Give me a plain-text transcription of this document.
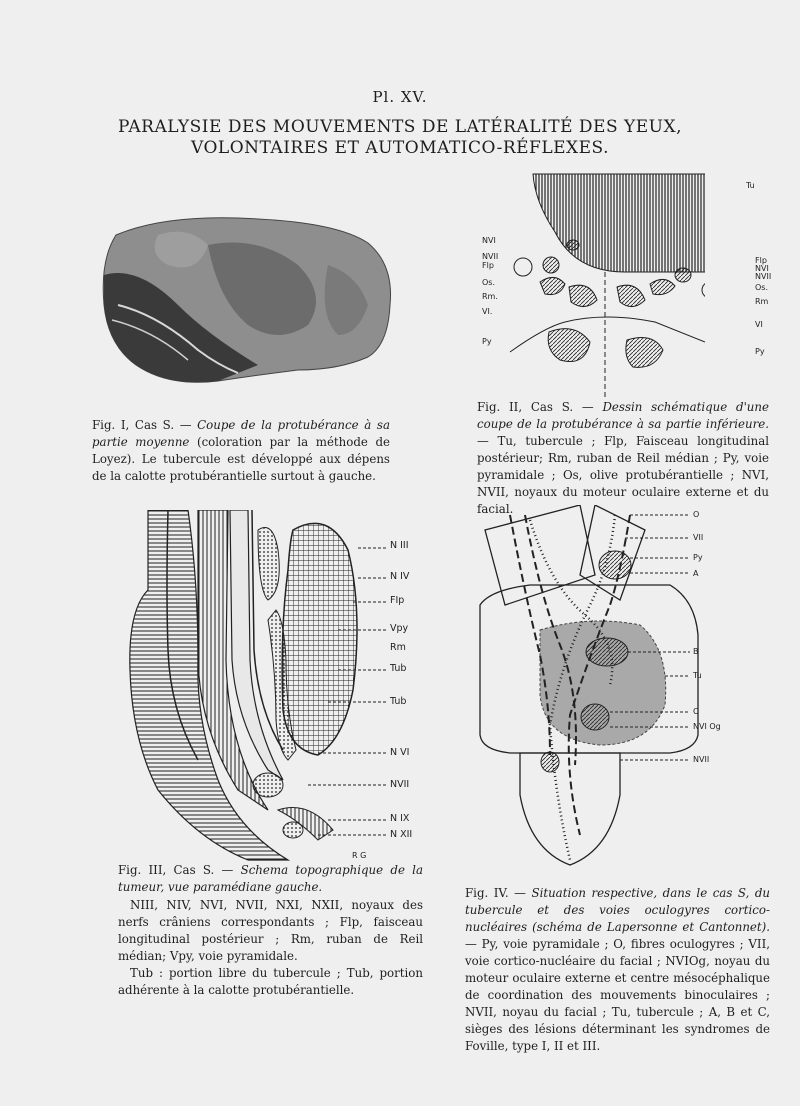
Pl. XV.
PARALYSIE DES MOUVEMENTS DE LATÉRALITÉ DES YEUX,
VOLONTAIRES ET AUTOMATICO-RÉFLEXES.
Fig. I, Cas S. — Coupe de la protubérance à sa partie moyenne (coloration par la méthode de Loyez). Le tubercule est développé aux dépens de la calotte protubérantielle surtout à gauche.
NVI
NVII
Flp
Os.
Rm.
VI.
Py
Tu
Flp
NVI
NVII
Os.
Rm
VI
Py
Fig. II, Cas S. — Dessin schématique d'une coupe de la protubérance à sa partie inférieure. — Tu, tubercule ; Flp, Faisceau longitudinal postérieur; Rm, ruban de Reil médian ; Py, voie pyramidale ; Os, olive protubérantielle ; NVI, NVII, noyaux du moteur oculaire externe et du facial.
N III
N IV
FIp
Vpy
Rm
Tub
Tub
N VI
NVII
N IX
N XII
R G
Fig. III, Cas S. — Schema topographique de la tumeur, vue paramédiane gauche.
NIII, NIV, NVI, NVII, NXI, NXII, noyaux des nerfs crâniens correspondants ; Flp, faisceau longitudinal postérieur ; Rm, ruban de Reil médian; Vpy, voie pyramidale.
Tub : portion libre du tubercule ; Tub, portion adhérente à la calotte protubérantielle.
O
VII
Py
A
B
Tu
C
NVI Og
NVII
Fig. IV. — Situation respective, dans le cas S, du tubercule et des voies oculogyres cortico-nucléaires (schéma de Lapersonne et Cantonnet). — Py, voie pyramidale ; O, fibres oculogyres ; VII, voie cortico-nucléaire du facial ; NVIOg, noyau du moteur oculaire externe et centre mésocéphalique de coordination des mouvements binoculaires ; NVII, noyau du facial ; Tu, tubercule ; A, B et C, sièges des lésions déterminant les syndromes de Foville, type I, II et III.
